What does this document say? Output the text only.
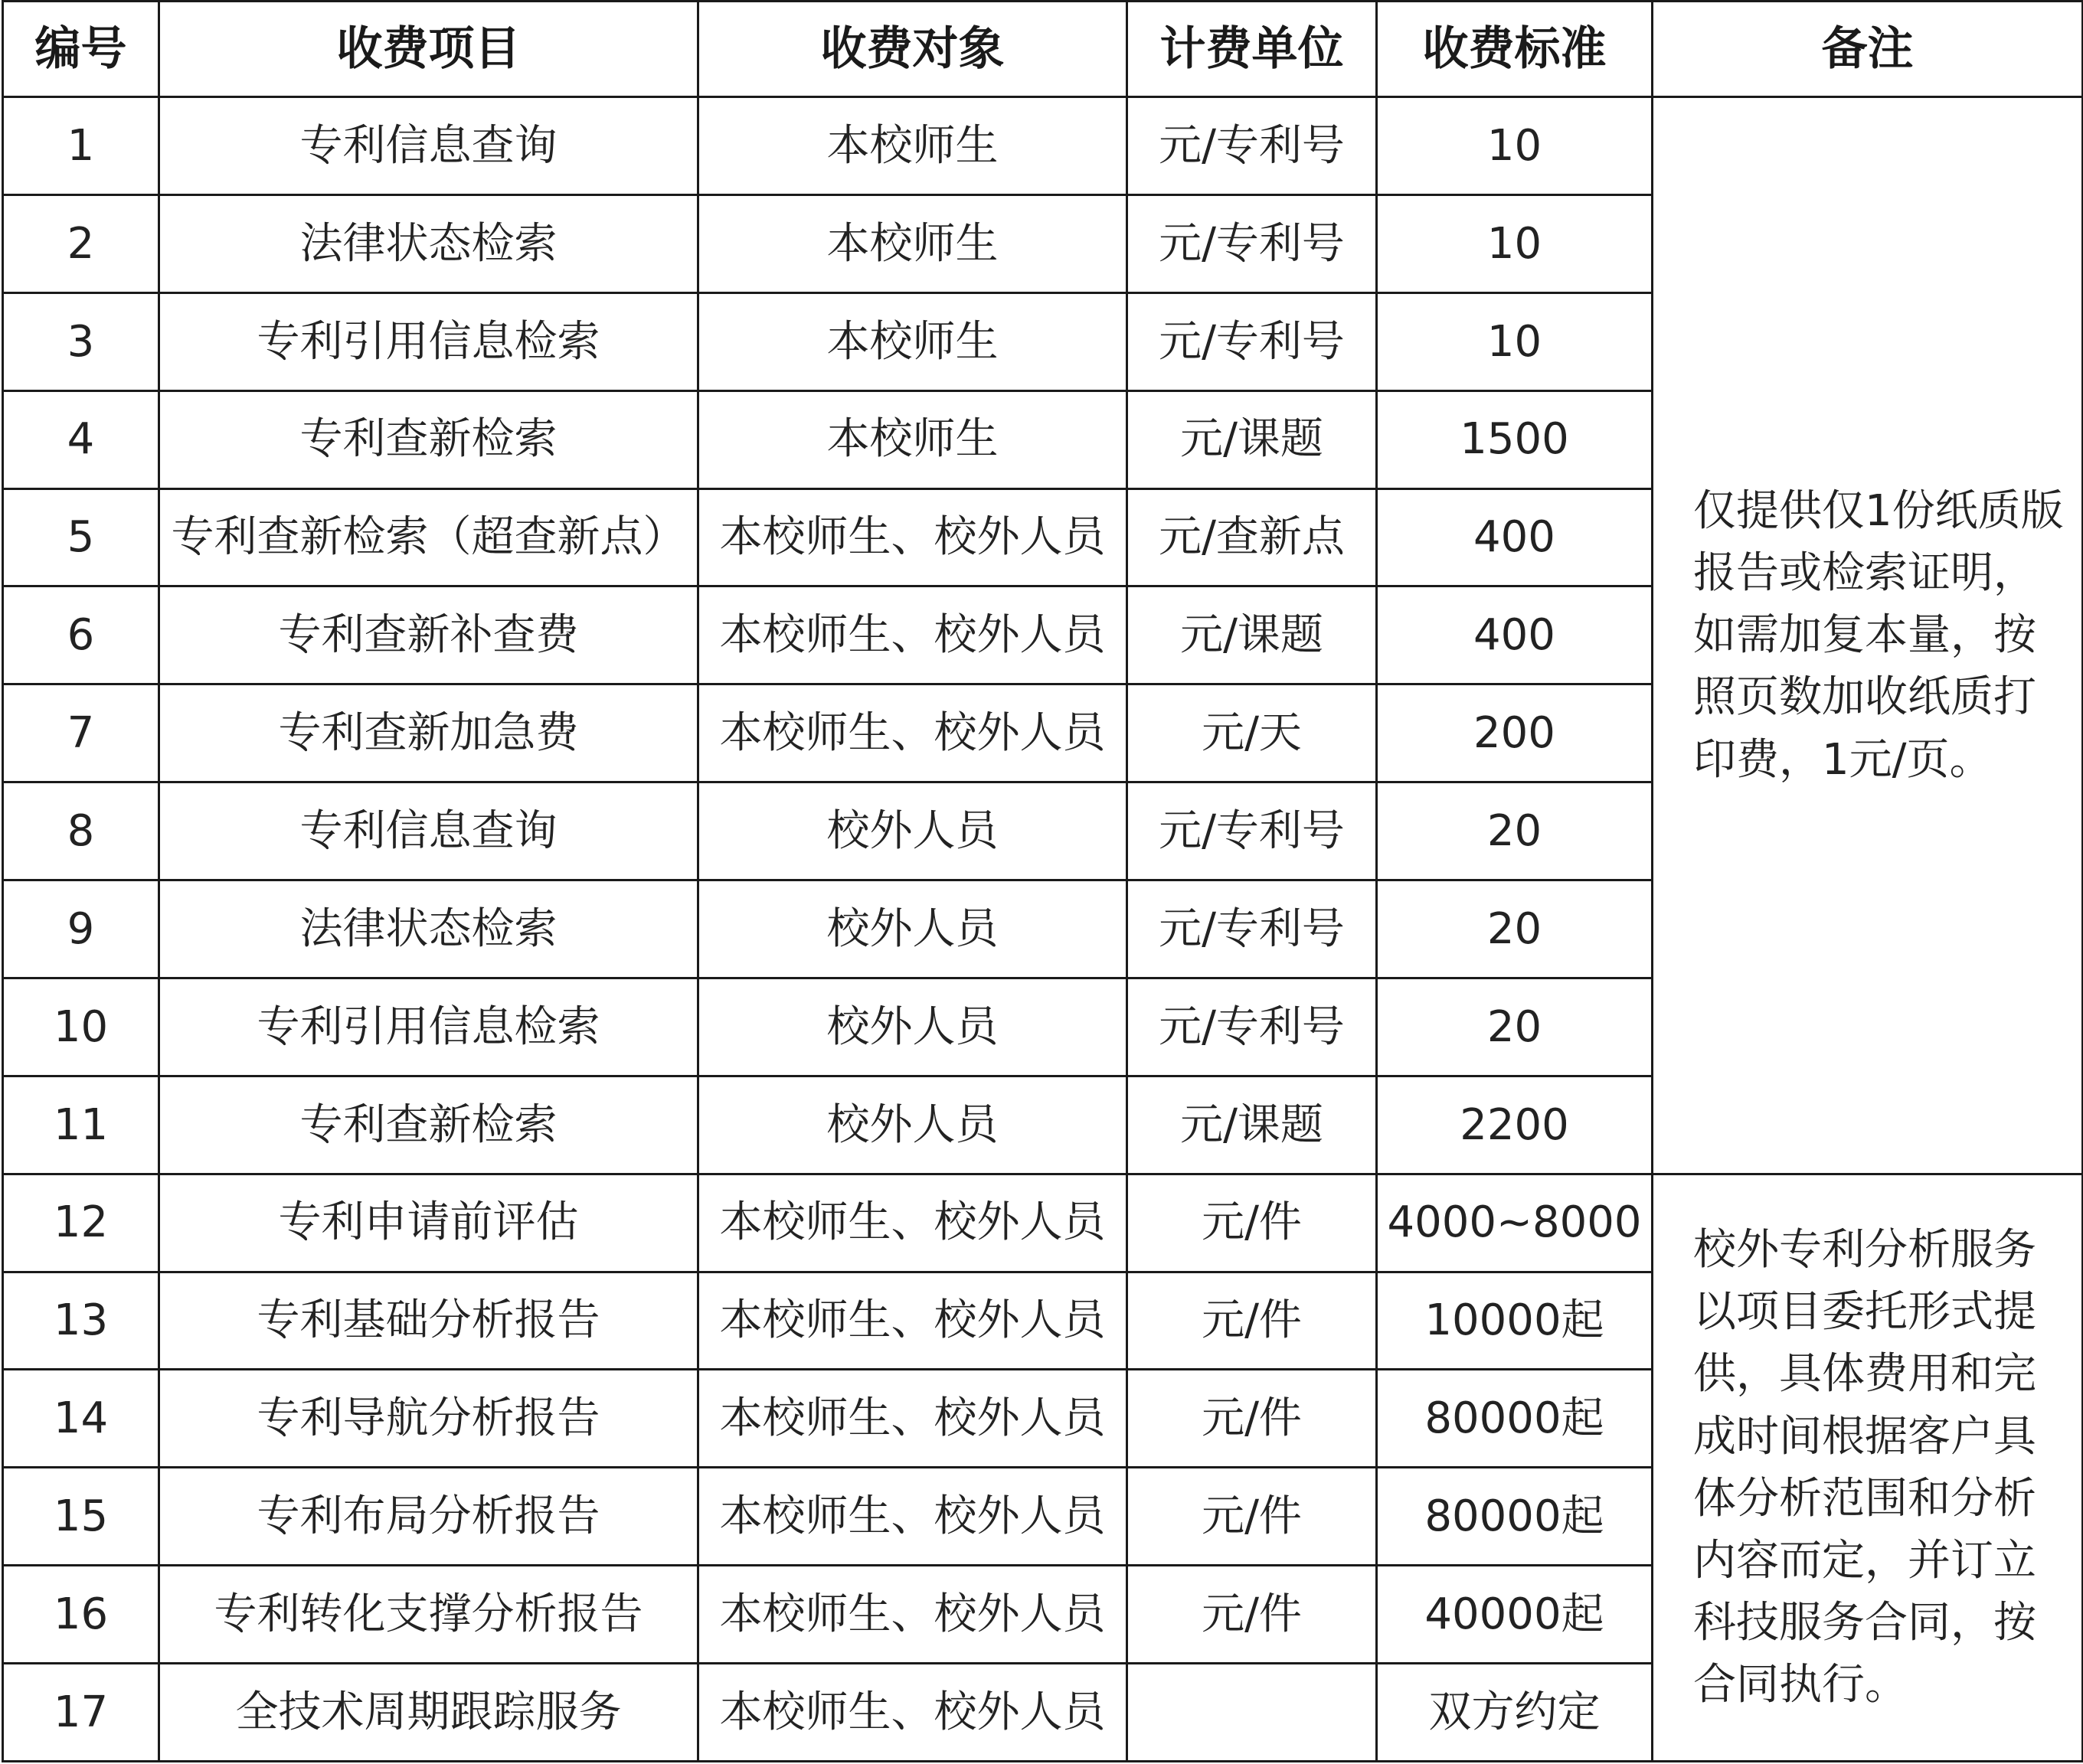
编号	收费项目	收费对象	计费单位	收费标准	备注
1	专利信息查询	本校师生	元/专利号	10	仅提供仅1份纸质版报告或检索证明，如需加复本量，按照页数加收纸质打印费，1元/页。
2	法律状态检索	本校师生	元/专利号	10	
3	专利引用信息检索	本校师生	元/专利号	10	
4	专利查新检索	本校师生	元/课题	1500	
5	专利查新检索（超查新点）	本校师生、校外人员	元/查新点	400	
6	专利查新补查费	本校师生、校外人员	元/课题	400	
7	专利查新加急费	本校师生、校外人员	元/天	200	
8	专利信息查询	校外人员	元/专利号	20	
9	法律状态检索	校外人员	元/专利号	20	
10	专利引用信息检索	校外人员	元/专利号	20	
11	专利查新检索	校外人员	元/课题	2200	
12	专利申请前评估	本校师生、校外人员	元/件	4000~8000	校外专利分析服务以项目委托形式提供，具体费用和完成时间根据客户具体分析范围和分析内容而定，并订立科技服务合同，按合同执行。
13	专利基础分析报告	本校师生、校外人员	元/件	10000起	
14	专利导航分析报告	本校师生、校外人员	元/件	80000起	
15	专利布局分析报告	本校师生、校外人员	元/件	80000起	
16	专利转化支撑分析报告	本校师生、校外人员	元/件	40000起	
17	全技术周期跟踪服务	本校师生、校外人员		双方约定	
